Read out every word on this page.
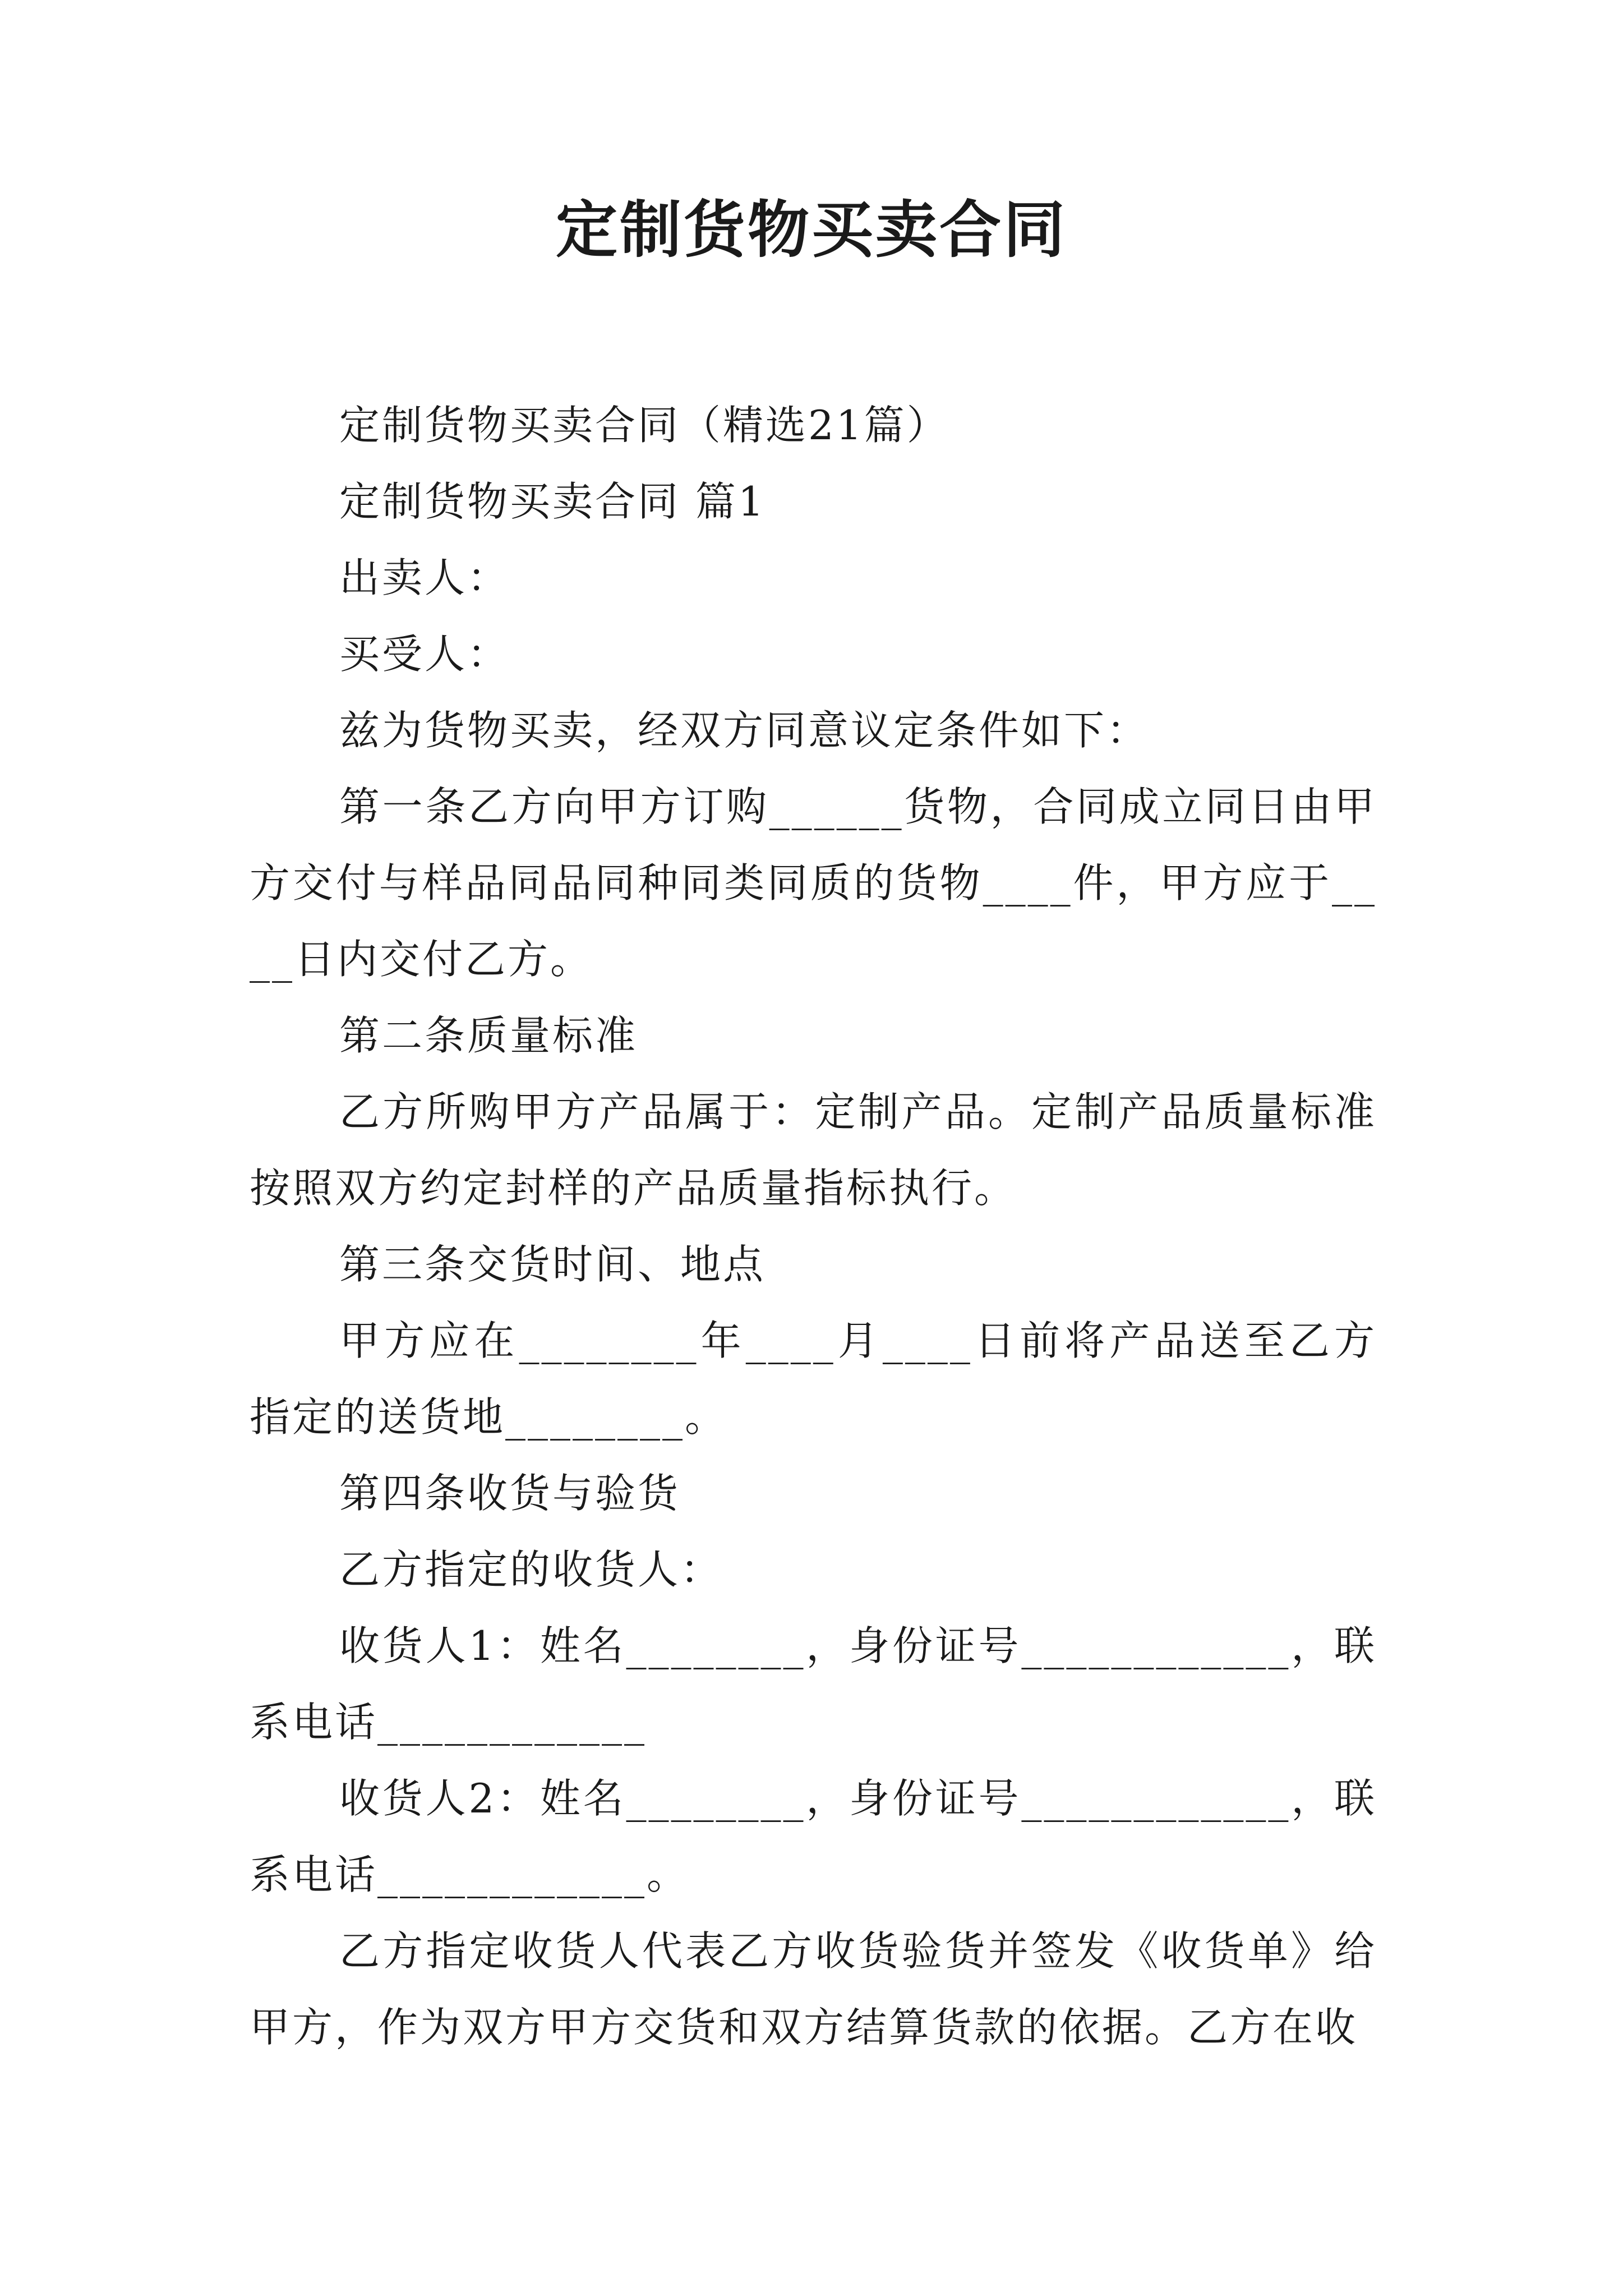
定制货物买卖合同

定制货物买卖合同（精选21篇）

定制货物买卖合同 篇1

出卖人：

买受人：

兹为货物买卖，经双方同意议定条件如下：

第一条乙方向甲方订购______货物，合同成立同日由甲方交付与样品同品同种同类同质的货物____件，甲方应于____日内交付乙方。

第二条质量标准

乙方所购甲方产品属于：定制产品。定制产品质量标准按照双方约定封样的产品质量指标执行。

第三条交货时间、地点

甲方应在________年____月____日前将产品送至乙方指定的送货地________。

第四条收货与验货

乙方指定的收货人：

收货人1：姓名________，身份证号____________，联系电话____________

收货人2：姓名________，身份证号____________，联系电话____________。

乙方指定收货人代表乙方收货验货并签发《收货单》给甲方，作为双方甲方交货和双方结算货款的依据。乙方在收
